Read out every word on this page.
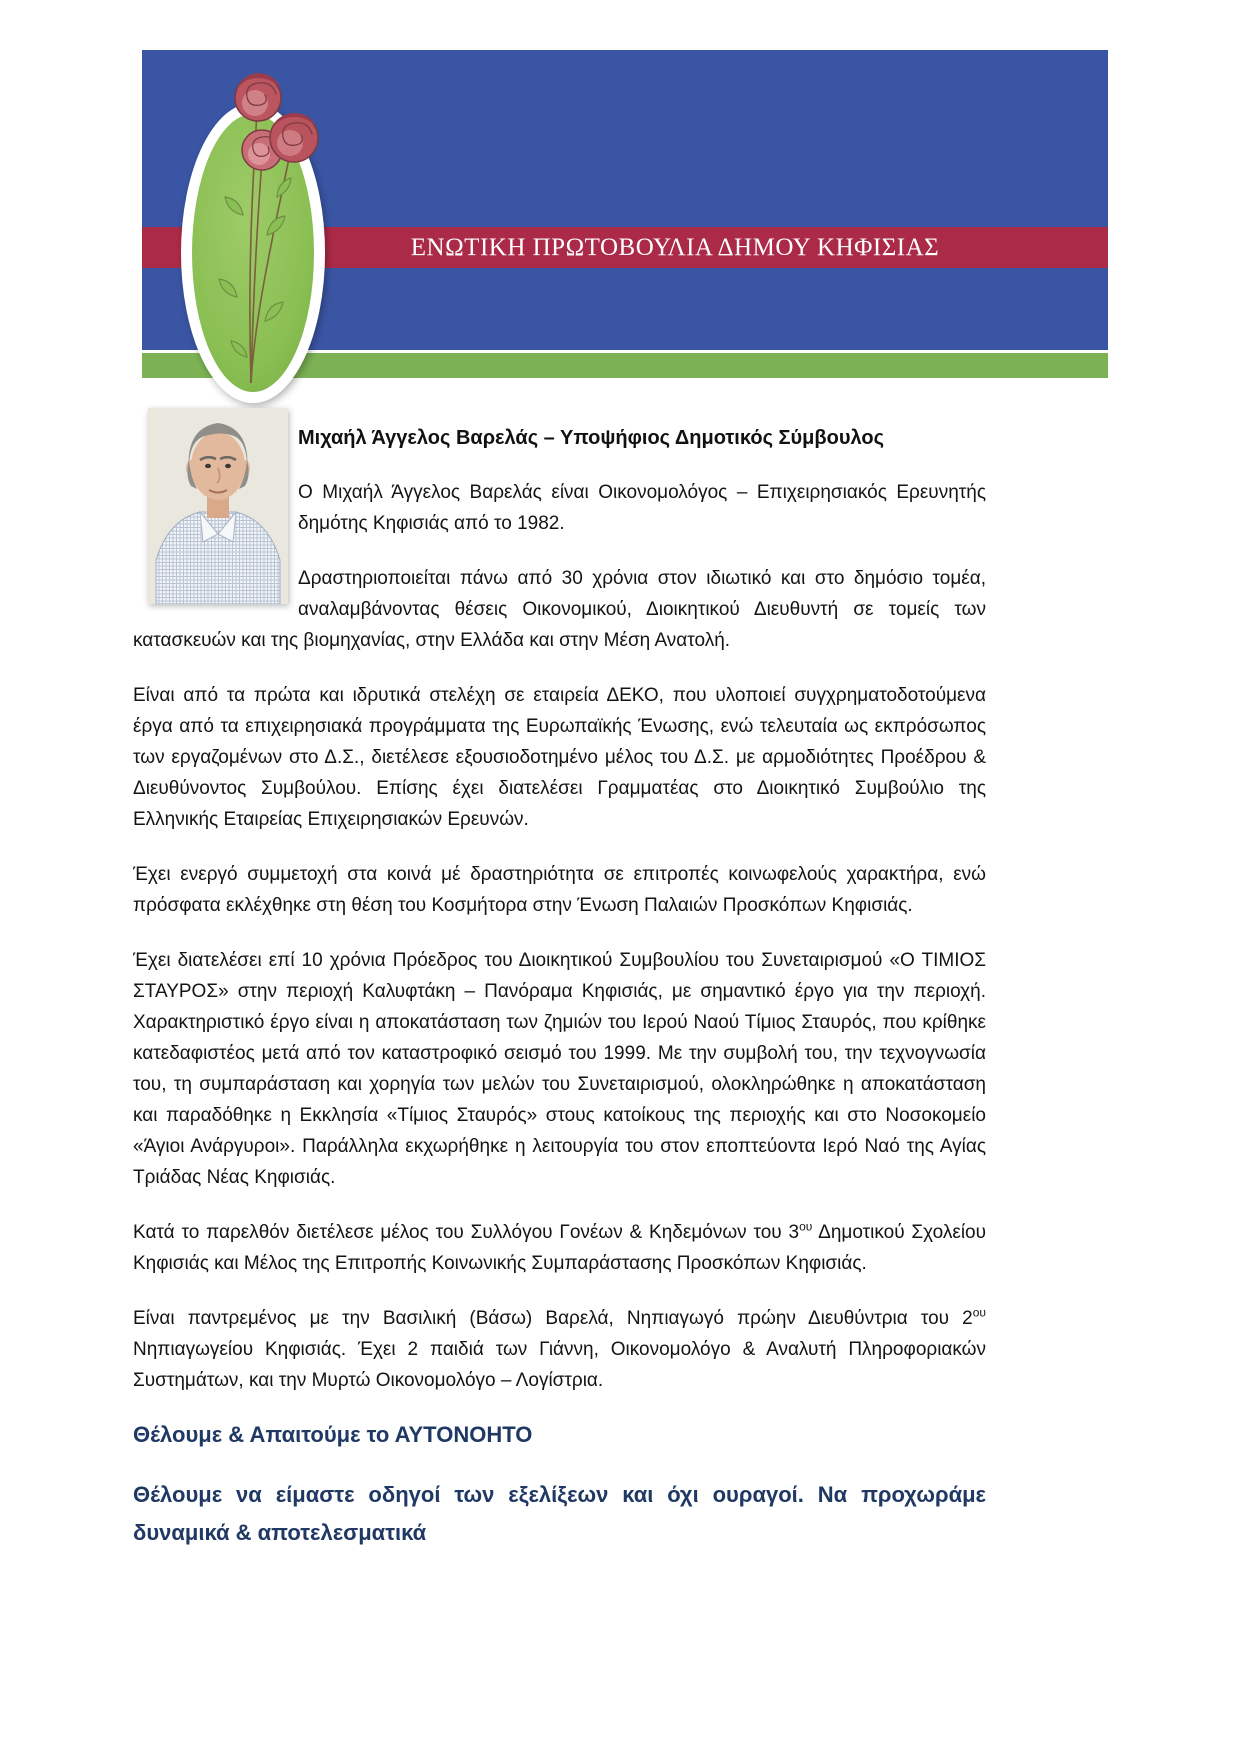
ΕΝΩΤΙΚΗ ΠΡΩΤΟΒΟΥΛΙΑ ΔΗΜΟΥ ΚΗΦΙΣΙΑΣ
Μιχαήλ Άγγελος Βαρελάς – Υποψήφιος Δημοτικός Σύμβουλος

Ο Μιχαήλ Άγγελος Βαρελάς είναι Οικονομολόγος – Επιχειρησιακός Ερευνητής δημότης Κηφισιάς από το 1982.

Δραστηριοποιείται πάνω από 30 χρόνια στον ιδιωτικό και στο δημόσιο τομέα, αναλαμβάνοντας θέσεις Οικονομικού, Διοικητικού Διευθυντή σε τομείς των κατασκευών και της βιομηχανίας, στην Ελλάδα και στην Μέση Ανατολή.

Είναι από τα πρώτα και ιδρυτικά στελέχη σε εταιρεία ΔΕΚΟ, που υλοποιεί συγχρηματοδοτούμενα έργα από τα επιχειρησιακά προγράμματα της Ευρωπαϊκής Ένωσης, ενώ τελευταία ως εκπρόσωπος των εργαζομένων στο Δ.Σ., διετέλεσε εξουσιοδοτημένο μέλος του Δ.Σ. με αρμοδιότητες Προέδρου & Διευθύνοντος Συμβούλου. Επίσης έχει διατελέσει Γραμματέας στο Διοικητικό Συμβούλιο της Ελληνικής Εταιρείας Επιχειρησιακών Ερευνών.

Έχει ενεργό συμμετοχή στα κοινά μέ δραστηριότητα σε επιτροπές κοινωφελούς χαρακτήρα, ενώ πρόσφατα εκλέχθηκε στη θέση του Κοσμήτορα στην Ένωση Παλαιών Προσκόπων Κηφισιάς.

Έχει διατελέσει επί 10 χρόνια Πρόεδρος του Διοικητικού Συμβουλίου του Συνεταιρισμού «Ο ΤΙΜΙΟΣ ΣΤΑΥΡΟΣ» στην περιοχή Καλυφτάκη – Πανόραμα Κηφισιάς, με σημαντικό έργο για την περιοχή. Χαρακτηριστικό έργο είναι η αποκατάσταση των ζημιών του Ιερού Ναού Τίμιος Σταυρός, που κρίθηκε κατεδαφιστέος μετά από τον καταστροφικό σεισμό του 1999. Με την συμβολή του, την τεχνογνωσία του, τη συμπαράσταση και χορηγία των μελών του Συνεταιρισμού, ολοκληρώθηκε η αποκατάσταση και παραδόθηκε η Εκκλησία «Τίμιος Σταυρός» στους κατοίκους της περιοχής και στο Νοσοκομείο «Άγιοι Ανάργυροι». Παράλληλα εκχωρήθηκε η λειτουργία του στον εποπτεύοντα Ιερό Ναό της Αγίας Τριάδας Νέας Κηφισιάς.

Κατά το παρελθόν διετέλεσε μέλος του Συλλόγου Γονέων & Κηδεμόνων του $3^{o\upsilon}$ Δημοτικού Σχολείου Κηφισιάς και Μέλος της Επιτροπής Κοινωνικής Συμπαράστασης Προσκόπων Κηφισιάς.

Είναι παντρεμένος με την Βασιλική (Βάσω) Βαρελά, Νηπιαγωγό πρώην Διευθύντρια του $2^{o\upsilon}$ Νηπιαγωγείου Κηφισιάς. Έχει 2 παιδιά των Γιάννη, Οικονομολόγο & Αναλυτή Πληροφοριακών Συστημάτων, και την Μυρτώ Οικονομολόγο – Λογίστρια.

Θέλουμε & Απαιτούμε το ΑΥΤΟΝΟΗΤΟ
Θέλουμε να είμαστε οδηγοί των εξελίξεων και όχι ουραγοί. Να προχωράμε δυναμικά & αποτελεσματικά
